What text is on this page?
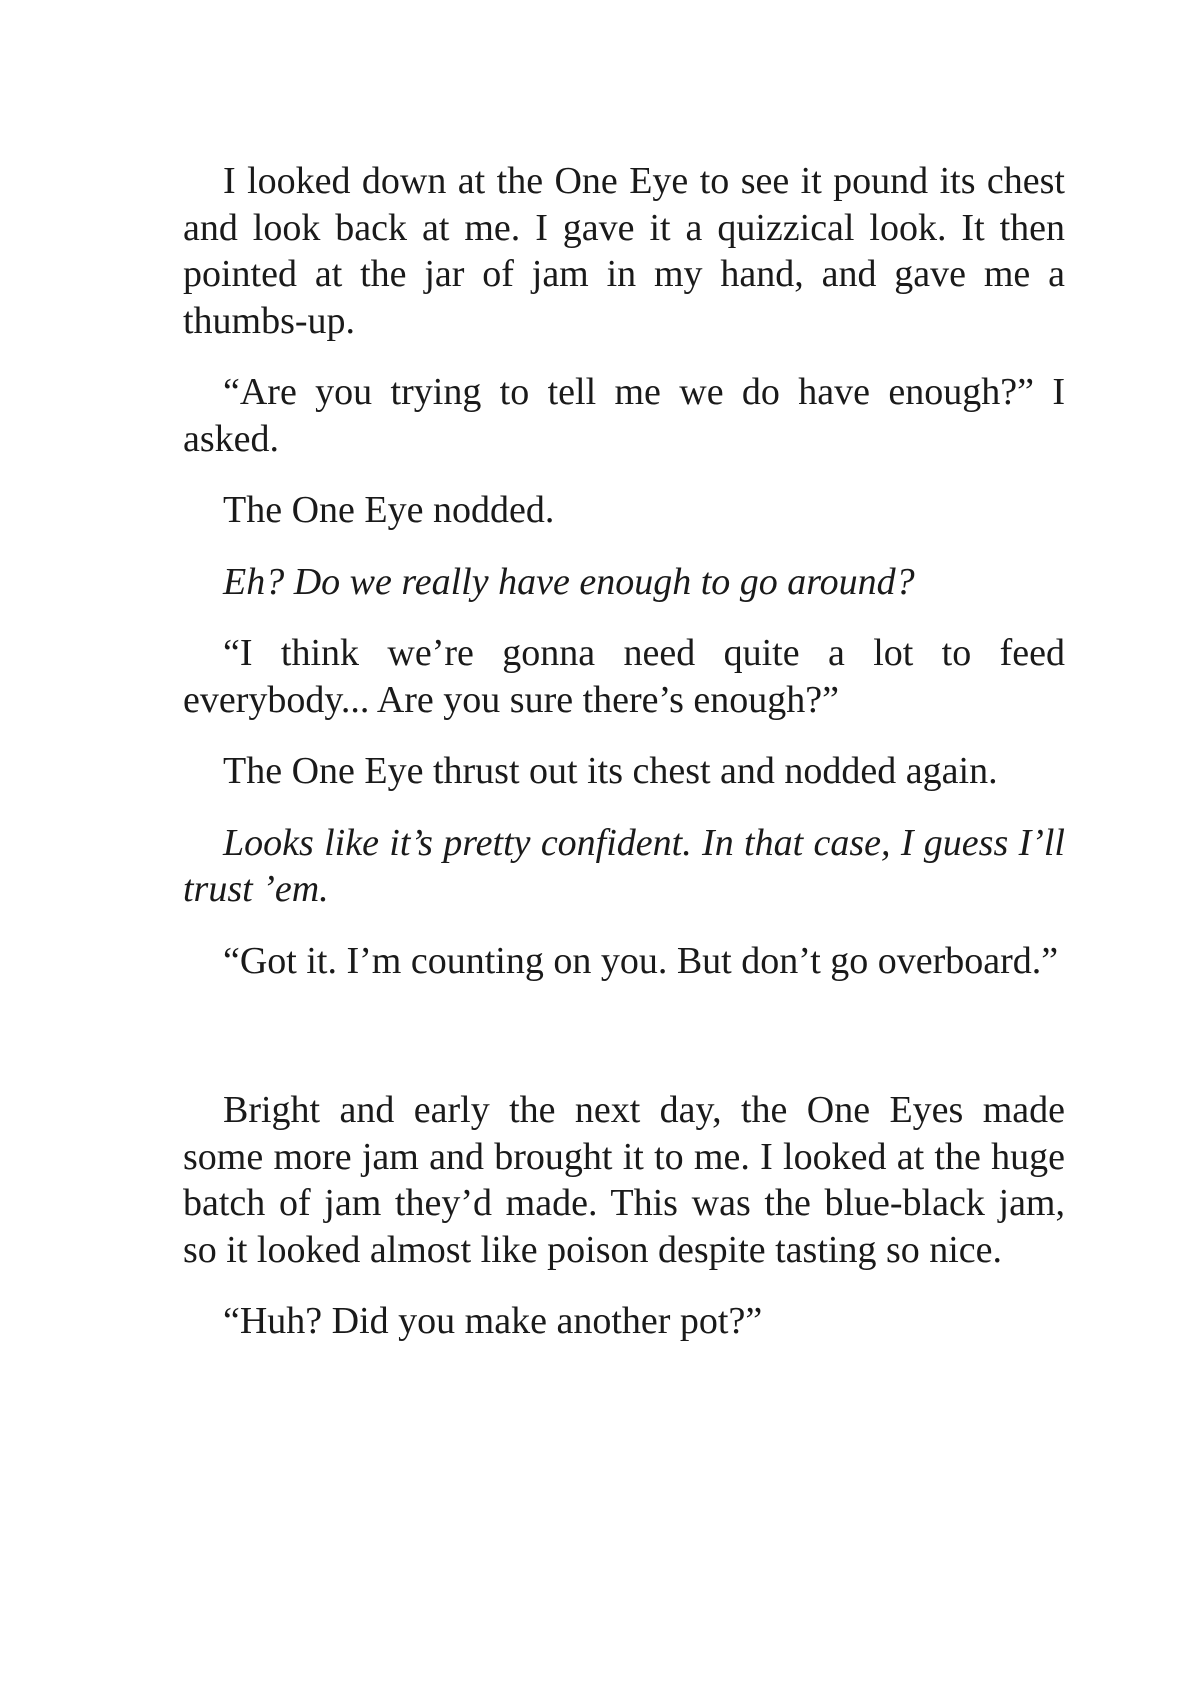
I looked down at the One Eye to see it pound its chest and look back at me. I gave it a quizzical look. It then pointed at the jar of jam in my hand, and gave me a thumbs-up.

“Are you trying to tell me we do have enough?” I asked.

The One Eye nodded.

Eh? Do we really have enough to go around?

“I think we’re gonna need quite a lot to feed everybody... Are you sure there’s enough?”

The One Eye thrust out its chest and nodded again.

Looks like it’s pretty confident. In that case, I guess I’ll trust ’em.

“Got it. I’m counting on you. But don’t go overboard.”

Bright and early the next day, the One Eyes made some more jam and brought it to me. I looked at the huge batch of jam they’d made. This was the blue-black jam, so it looked almost like poison despite tasting so nice.

“Huh? Did you make another pot?”
